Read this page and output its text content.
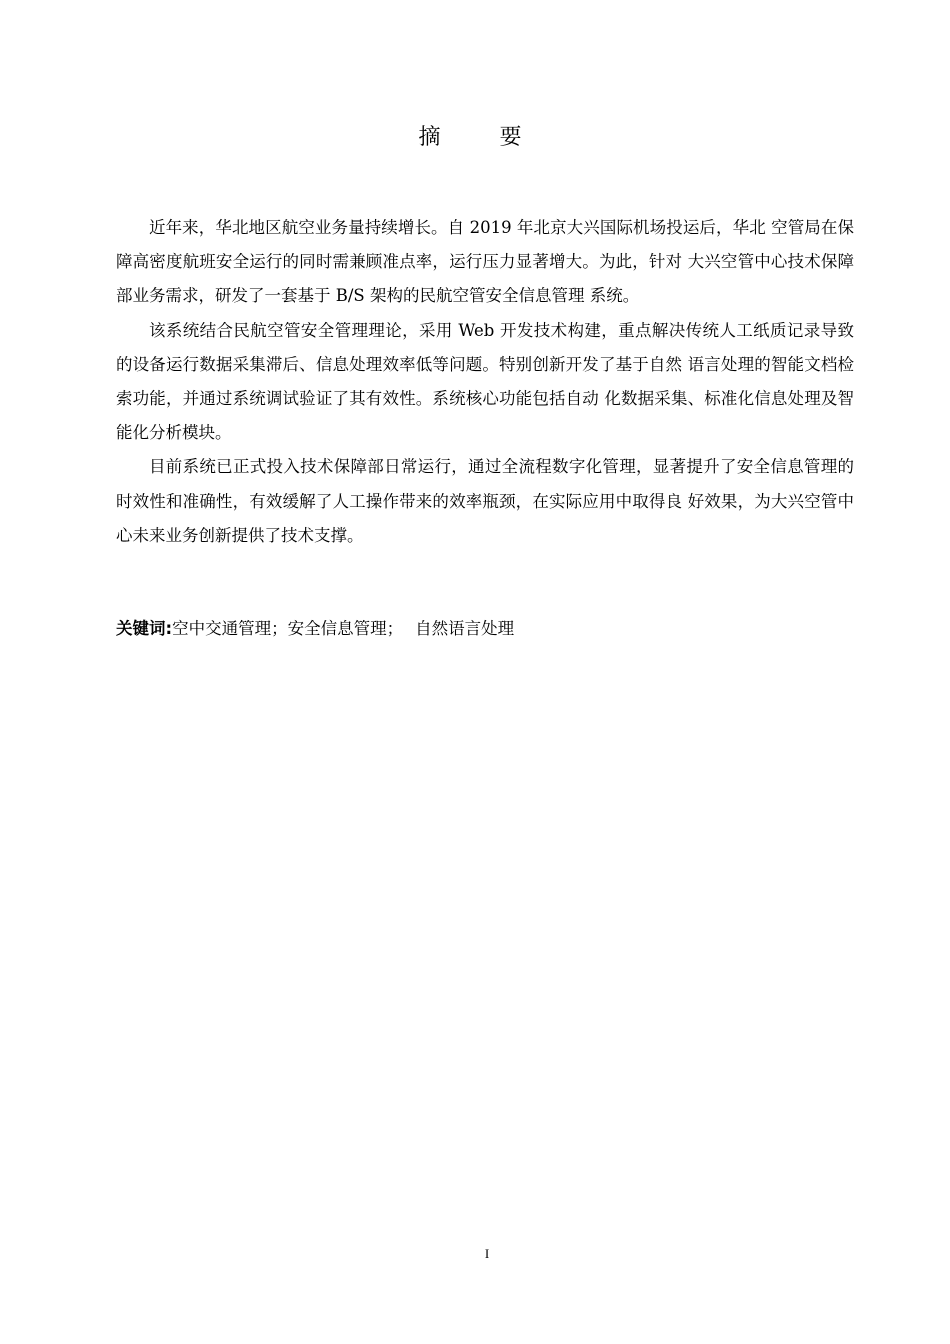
摘 要

近年来，华北地区航空业务量持续增长。自 2019 年北京大兴国际机场投运后，华北 空管局在保障高密度航班安全运行的同时需兼顾准点率，运行压力显著增大。为此，针对 大兴空管中心技术保障部业务需求，研发了一套基于 B/S 架构的民航空管安全信息管理 系统。

该系统结合民航空管安全管理理论，采用 Web 开发技术构建，重点解决传统人工纸质记录导致的设备运行数据采集滞后、信息处理效率低等问题。特别创新开发了基于自然 语言处理的智能文档检索功能，并通过系统调试验证了其有效性。系统核心功能包括自动 化数据采集、标准化信息处理及智能化分析模块。

目前系统已正式投入技术保障部日常运行，通过全流程数字化管理，显著提升了安全信息管理的时效性和准确性，有效缓解了人工操作带来的效率瓶颈，在实际应用中取得良 好效果，为大兴空管中心未来业务创新提供了技术支撑。

关键词:空中交通管理；安全信息管理； 自然语言处理
I
